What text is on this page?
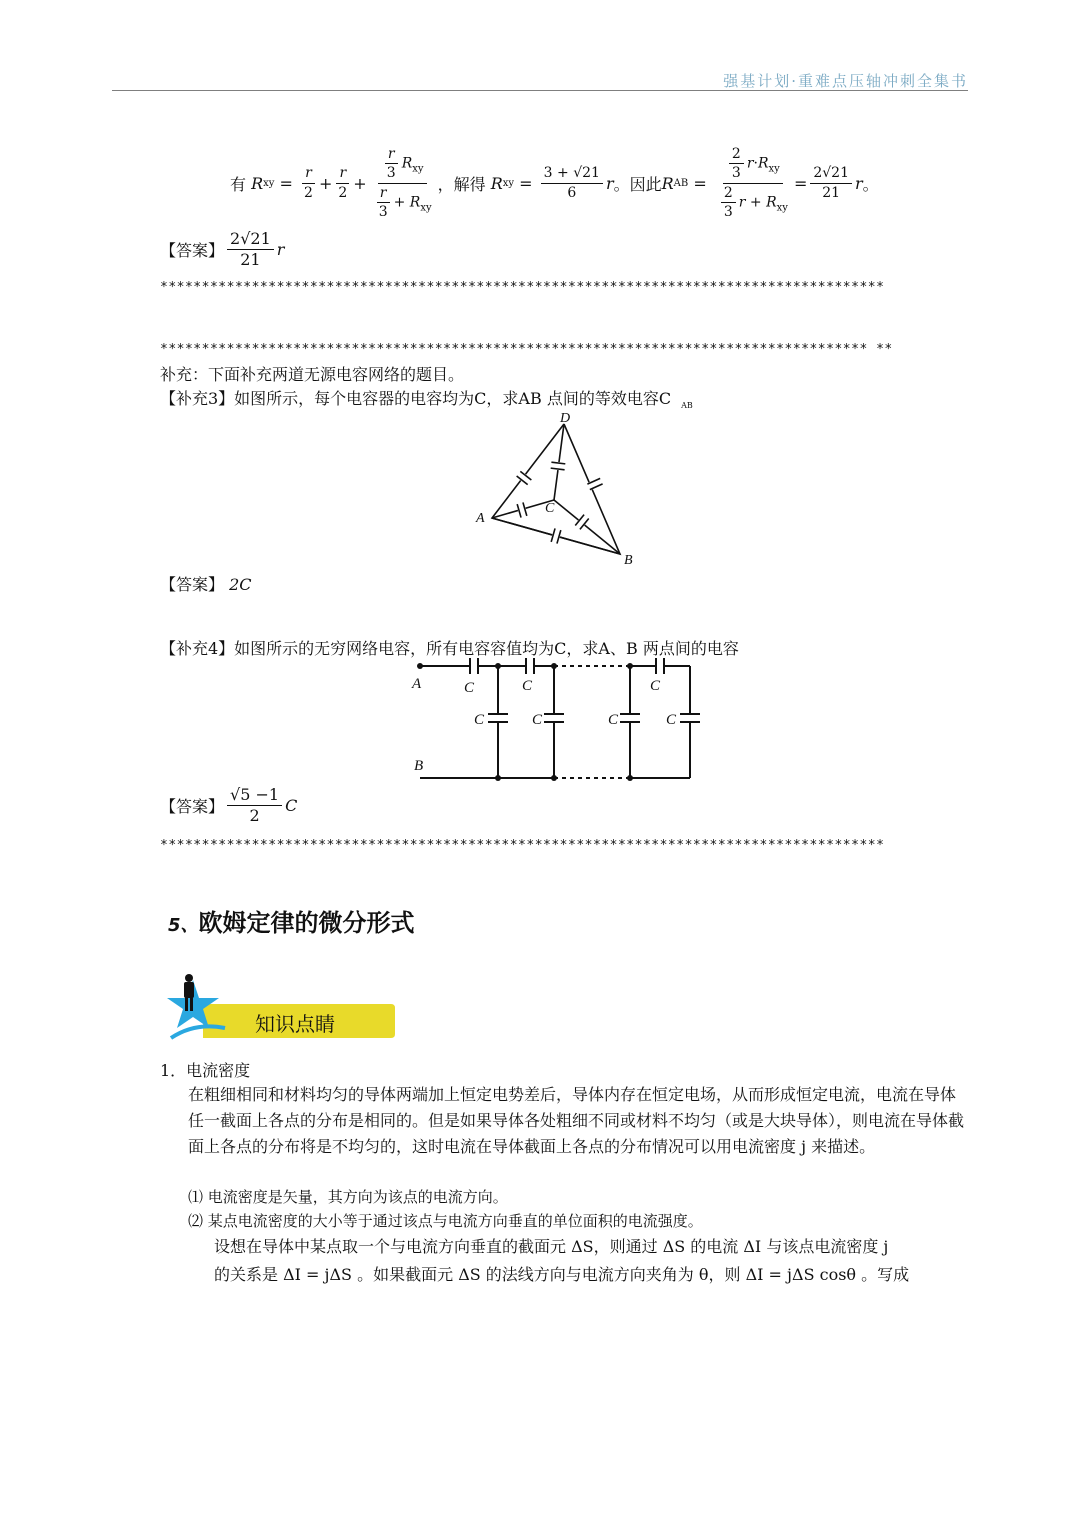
强基计划·重难点压轴冲刺全集书
有
R xy = $\frac{r}{2} + \frac{r}{2} + \frac{\frac{r}{3} R_{xy}}{\frac{r}{3} + R_{xy}}$ ，解得
R xy = $\frac{3 + √21}{6}$ r 。因此 R AB = $\frac{\frac{2}{3} r\cdot R_{xy}}{\frac{2}{3} r + R_{xy}} = \frac{2√21}{21}$ r 。
【答案】 $\frac{2√21}{21}$ r
***************************************************************************************
************************************************************************************* **
补充：下面补充两道无源电容网络的题目。
【补充3】如图所示，每个电容器的电容均为C，求AB 点间的等效电容C $_{AB}$
D
A
B
C
【答案】 2C
【补充4】如图所示的无穷网络电容，所有电容容值均为C，求A、B 两点间的电容
A
B
C	C	C
C	C	C	C
【答案】 $\frac{√5 -1}{2}$ C
***************************************************************************************
5、欧姆定律的微分形式
知识点睛
1．电流密度
在粗细相同和材料均匀的导体两端加上恒定电势差后，导体内存在恒定电场，从而形成恒定电流，电流在导体任一截面上各点的分布是相同的。但是如果导体各处粗细不同或材料不均匀（或是大块导体），则电流在导体截面上各点的分布将是不均匀的，这时电流在导体截面上各点的分布情况可以用电流密度 j 来描述。
⑴ 电流密度是矢量，其方向为该点的电流方向。
⑵ 某点电流密度的大小等于通过该点与电流方向垂直的单位面积的电流强度。
设想在导体中某点取一个与电流方向垂直的截面元 ΔS，则通过 ΔS 的电流 ΔI 与该点电流密度 j
的关系是 ΔI = jΔS 。如果截面元 ΔS 的法线方向与电流方向夹角为 θ，则 ΔI = jΔS cosθ 。写成
